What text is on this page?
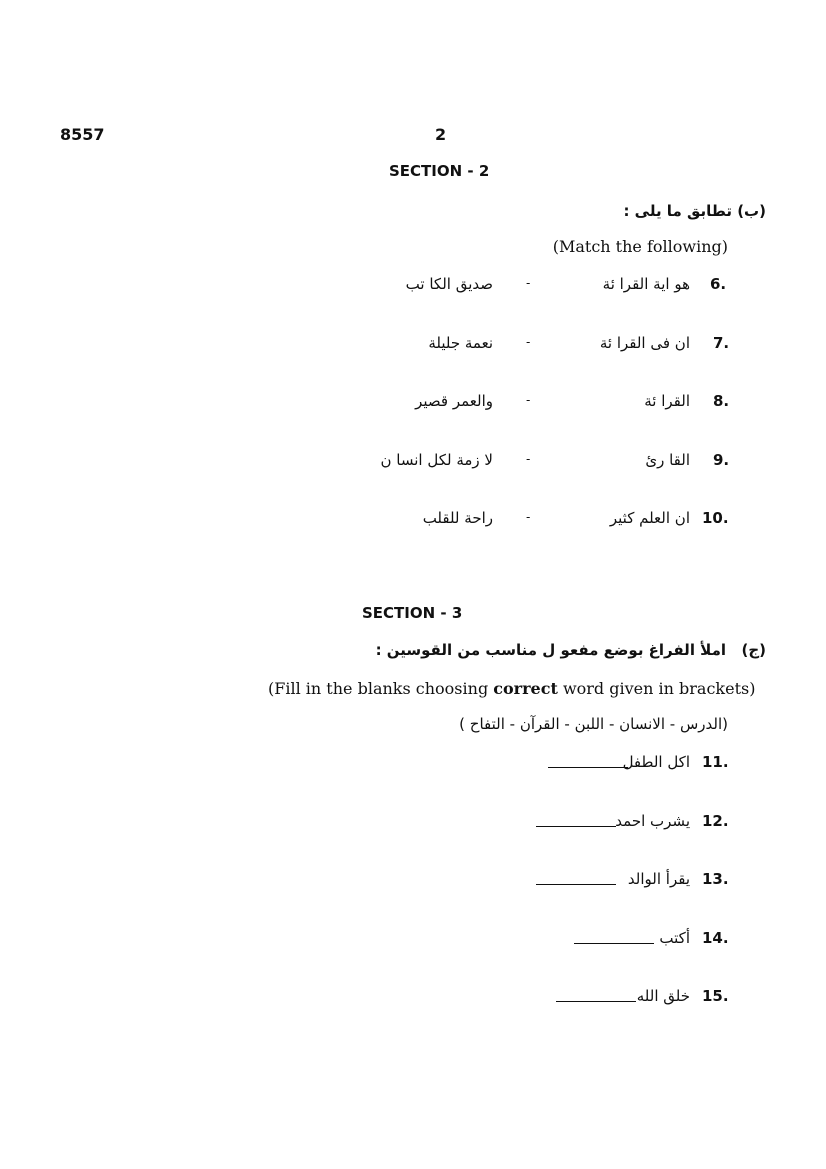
8557	2
SECTION - 2
(ب) تطابق ما يلى :
(Match the following)
6.
هو اية القرا ئة
-
صديق الكا تب
7.
ان فى القرا ئة
-
نعمة جليلة
8.
القرا ئة
-
والعمر قصير
9.
القا رئ
-
لا زمة لكل انسا ن
10.
ان العلم كثير
-
راحة للقلب
SECTION - 3
(ج)
املأ الفراغ بوضع مفعو ل مناسب من القوسين :
(Fill in the blanks choosing correct word given in brackets)
(الدرس - الانسان - اللبن - القرآن - التفاح )
11.
اكل الطفل
12.
يشرب احمد
13.
يقرأ الوالد
14.
أكتب
15.
خلق الله
